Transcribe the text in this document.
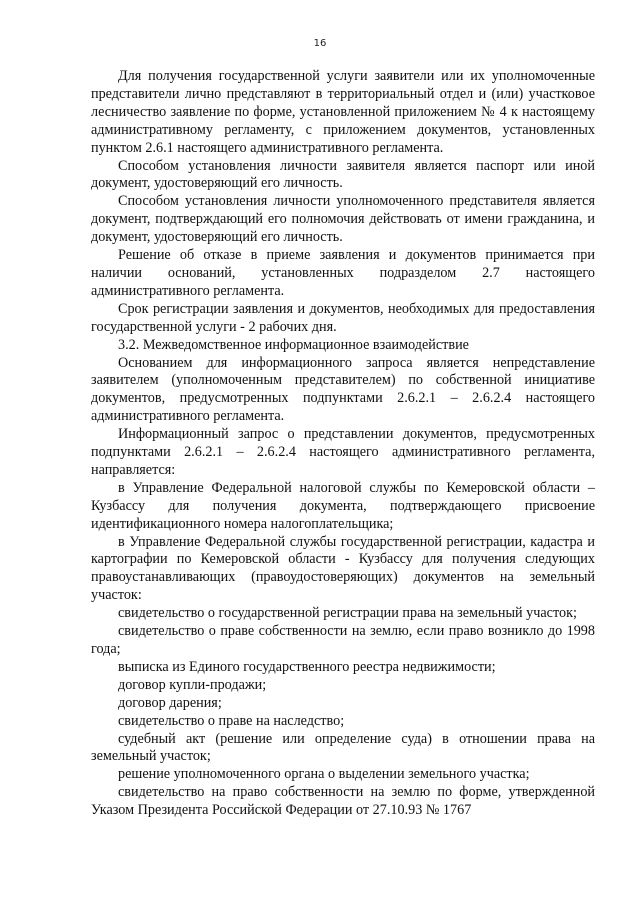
16

Для получения государственной услуги заявители или их уполномоченные представители лично представляют в территориальный отдел и (или) участковое лесничество заявление по форме, установленной приложением № 4 к настоящему административному регламенту, с приложением документов, установленных пунктом 2.6.1 настоящего административного регламента.

Способом установления личности заявителя является паспорт или иной документ, удостоверяющий его личность.

Способом установления личности уполномоченного представителя является документ, подтверждающий его полномочия действовать от имени гражданина, и документ, удостоверяющий его личность.

Решение об отказе в приеме заявления и документов принимается при наличии оснований, установленных подразделом 2.7 настоящего административного регламента.

Срок регистрации заявления и документов, необходимых для предоставления государственной услуги - 2 рабочих дня.

3.2. Межведомственное информационное взаимодействие

Основанием для информационного запроса является непредставление заявителем (уполномоченным представителем) по собственной инициативе документов, предусмотренных подпунктами 2.6.2.1 – 2.6.2.4 настоящего административного регламента.

Информационный запрос о представлении документов, предусмотренных подпунктами 2.6.2.1 – 2.6.2.4 настоящего административного регламента, направляется:

в Управление Федеральной налоговой службы по Кемеровской области – Кузбассу для получения документа, подтверждающего присвоение идентификационного номера налогоплательщика;

в Управление Федеральной службы государственной регистрации, кадастра и картографии по Кемеровской области - Кузбассу для получения следующих правоустанавливающих (правоудостоверяющих) документов на земельный участок:

свидетельство о государственной регистрации права на земельный участок;

свидетельство о праве собственности на землю, если право возникло до 1998 года;

выписка из Единого государственного реестра недвижимости;

договор купли-продажи;

договор дарения;

свидетельство о праве на наследство;

судебный акт (решение или определение суда) в отношении права на земельный участок;

решение уполномоченного органа о выделении земельного участка;

свидетельство на право собственности на землю по форме, утвержденной Указом Президента Российской Федерации от 27.10.93 № 1767
